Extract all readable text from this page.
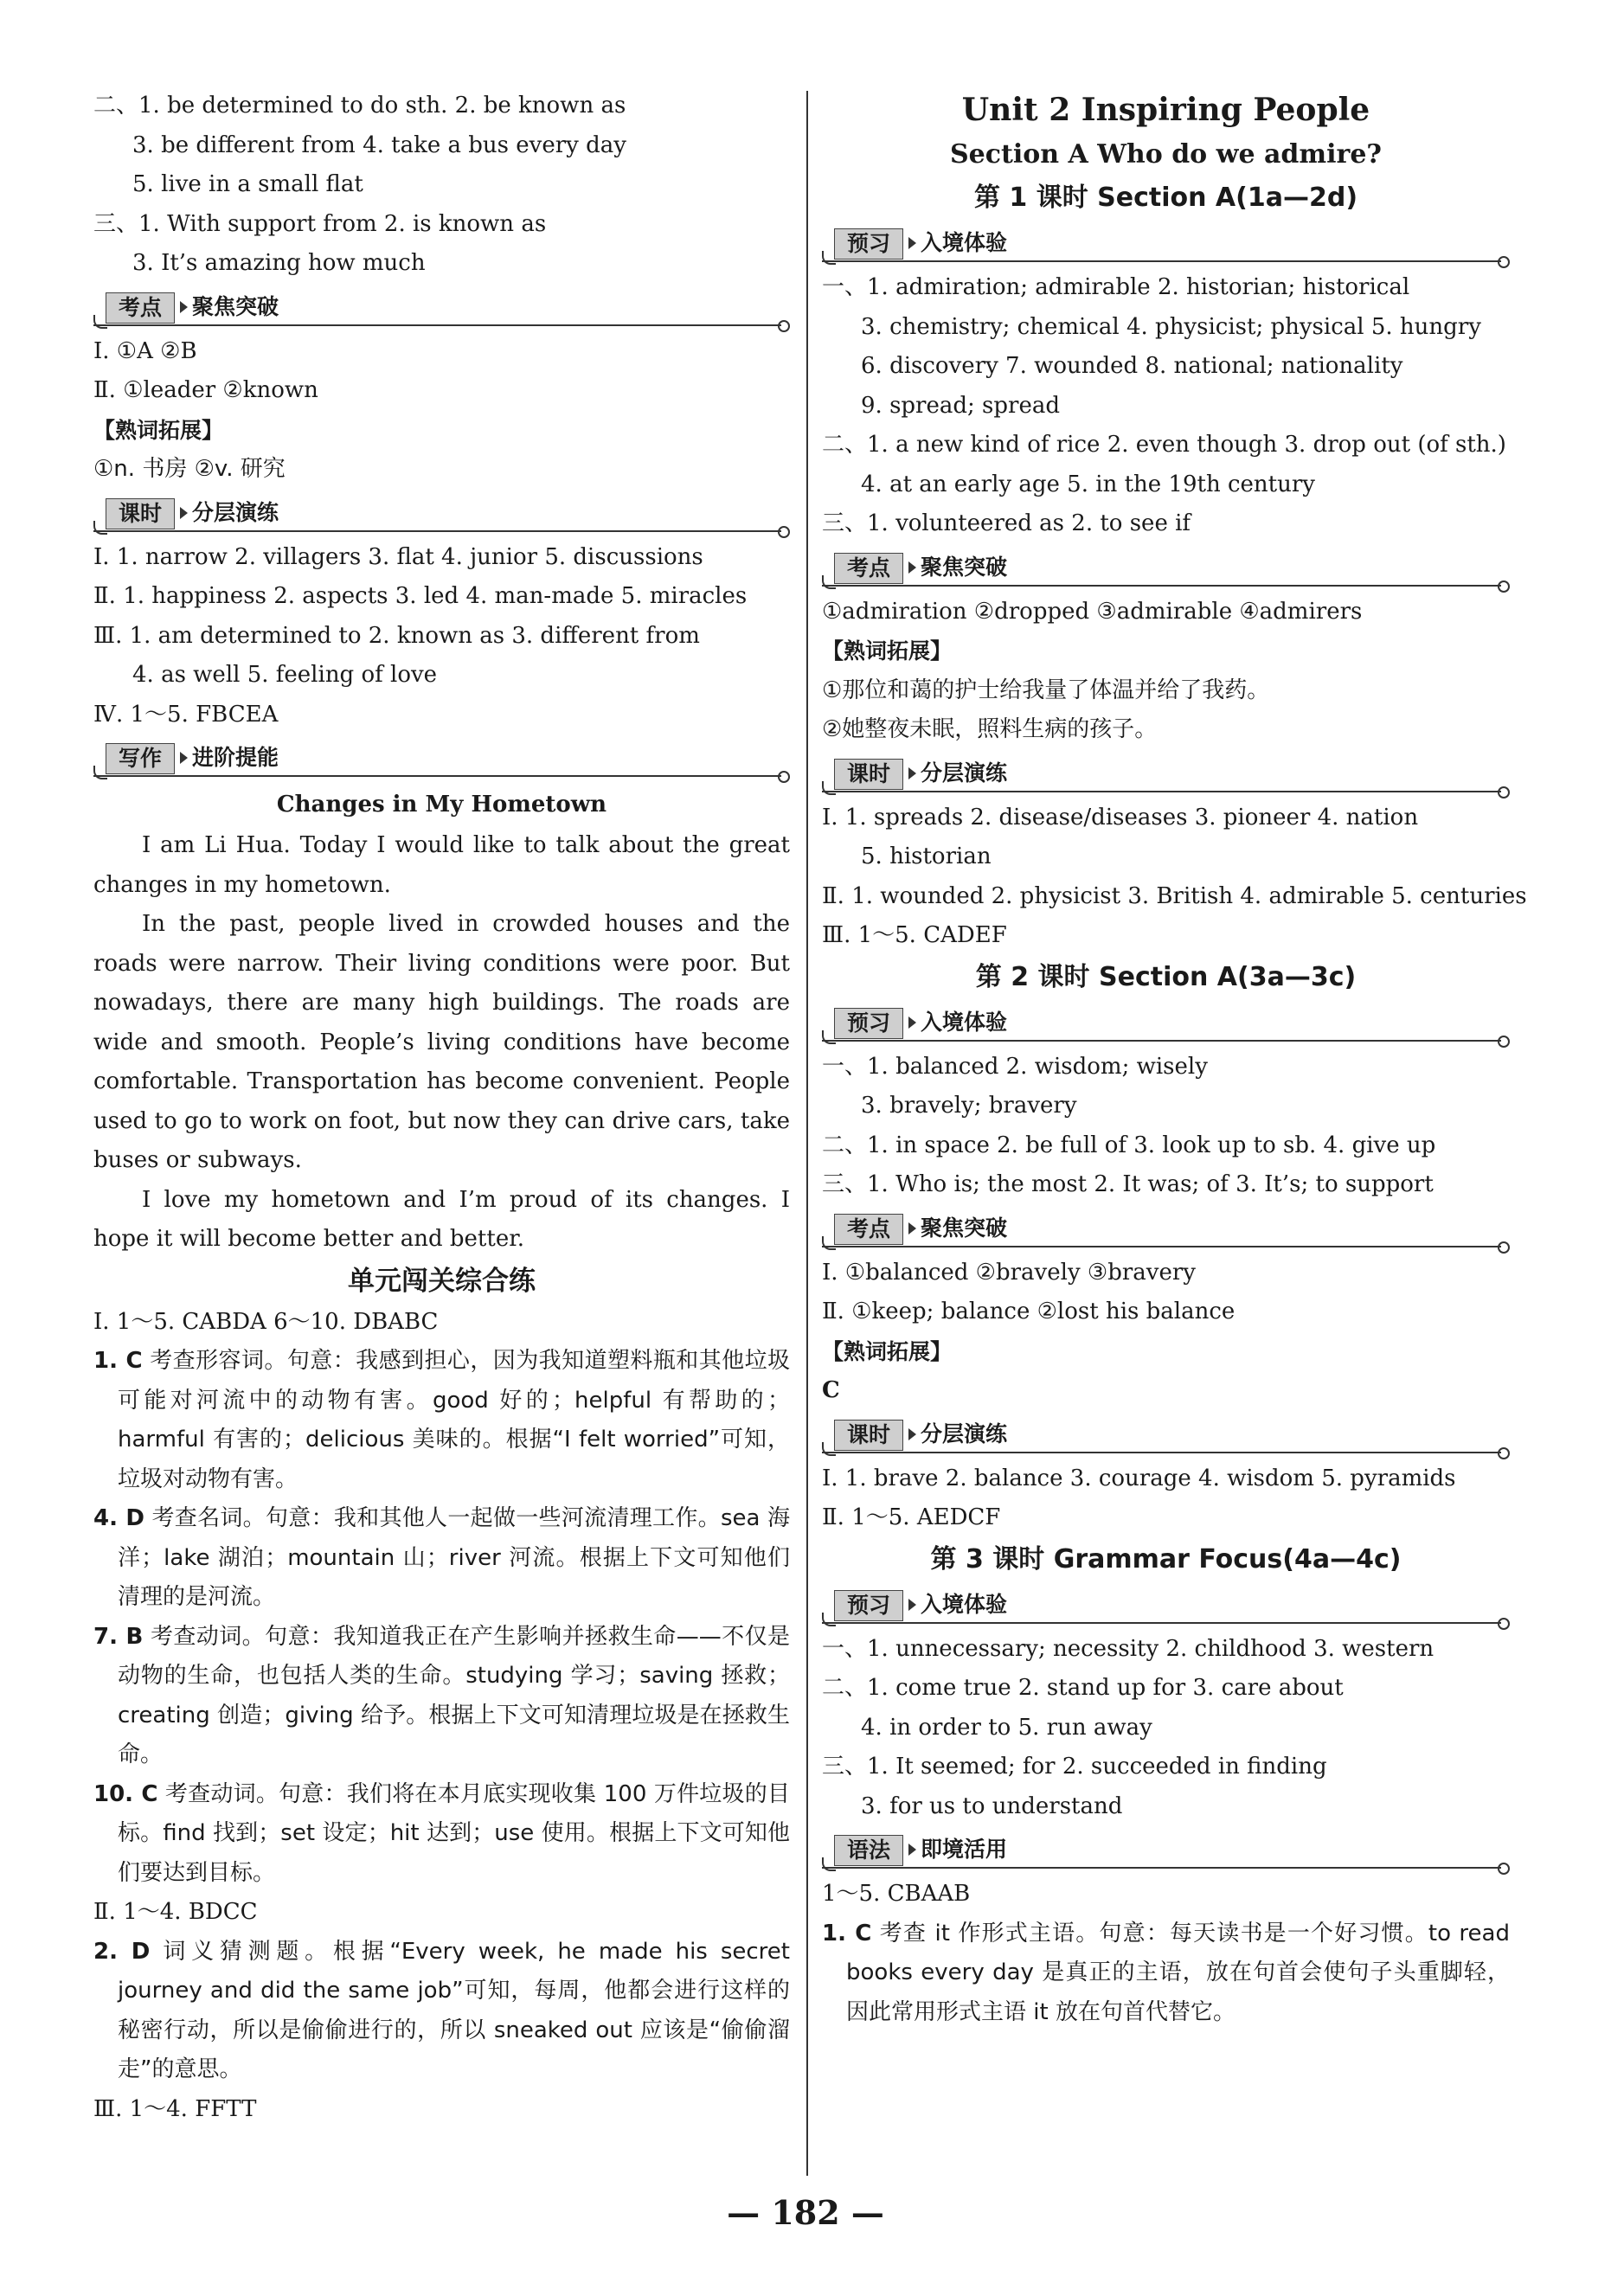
二、1. be determined to do sth. 2. be known as
3. be different from 4. take a bus every day
5. live in a small flat
三、1. With support from 2. is known as
3. It’s amazing how much
考点	聚焦突破
Ⅰ. ①A ②B
Ⅱ. ①leader ②known
【熟词拓展】
①n. 书房 ②v. 研究
课时	分层演练
Ⅰ. 1. narrow 2. villagers 3. flat 4. junior 5. discussions
Ⅱ. 1. happiness 2. aspects 3. led 4. man-made 5. miracles
Ⅲ. 1. am determined to 2. known as 3. different from
4. as well 5. feeling of love
Ⅳ. 1～5. FBCEA
写作	进阶提能
Changes in My Hometown
I am Li Hua. Today I would like to talk about the great changes in my hometown.
In the past, people lived in crowded houses and the roads were narrow. Their living conditions were poor. But nowadays, there are many high buildings. The roads are wide and smooth. People’s living conditions have become comfortable. Transportation has become convenient. People used to go to work on foot, but now they can drive cars, take buses or subways.
I love my hometown and I’m proud of its changes. I hope it will become better and better.
单元闯关综合练
Ⅰ. 1～5. CABDA 6～10. DBABC
1. C 考查形容词。句意：我感到担心，因为我知道塑料瓶和其他垃圾可能对河流中的动物有害。good 好的；helpful 有帮助的；harmful 有害的；delicious 美味的。根据“I felt worried”可知，垃圾对动物有害。
4. D 考查名词。句意：我和其他人一起做一些河流清理工作。sea 海洋；lake 湖泊；mountain 山；river 河流。根据上下文可知他们清理的是河流。
7. B 考查动词。句意：我知道我正在产生影响并拯救生命——不仅是动物的生命，也包括人类的生命。studying 学习；saving 拯救；creating 创造；giving 给予。根据上下文可知清理垃圾是在拯救生命。
10. C 考查动词。句意：我们将在本月底实现收集 100 万件垃圾的目标。find 找到；set 设定；hit 达到；use 使用。根据上下文可知他们要达到目标。
Ⅱ. 1～4. BDCC
2. D 词义猜测题。根据“Every week, he made his secret journey and did the same job”可知，每周，他都会进行这样的秘密行动，所以是偷偷进行的，所以 sneaked out 应该是“偷偷溜走”的意思。
Ⅲ. 1～4. FFTT
Unit 2 Inspiring People
Section A Who do we admire?
第 1 课时 Section A(1a—2d)
预习	入境体验
一、1. admiration; admirable 2. historian; historical
3. chemistry; chemical 4. physicist; physical 5. hungry
6. discovery 7. wounded 8. national; nationality
9. spread; spread
二、1. a new kind of rice 2. even though 3. drop out (of sth.)
4. at an early age 5. in the 19th century
三、1. volunteered as 2. to see if
考点	聚焦突破
①admiration ②dropped ③admirable ④admirers
【熟词拓展】
①那位和蔼的护士给我量了体温并给了我药。
②她整夜未眠，照料生病的孩子。
课时	分层演练
Ⅰ. 1. spreads 2. disease/diseases 3. pioneer 4. nation
5. historian
Ⅱ. 1. wounded 2. physicist 3. British 4. admirable 5. centuries
Ⅲ. 1～5. CADEF
第 2 课时 Section A(3a—3c)
预习	入境体验
一、1. balanced 2. wisdom; wisely
3. bravely; bravery
二、1. in space 2. be full of 3. look up to sb. 4. give up
三、1. Who is; the most 2. It was; of 3. It’s; to support
考点	聚焦突破
Ⅰ. ①balanced ②bravely ③bravery
Ⅱ. ①keep; balance ②lost his balance
【熟词拓展】
C
课时	分层演练
Ⅰ. 1. brave 2. balance 3. courage 4. wisdom 5. pyramids
Ⅱ. 1～5. AEDCF
第 3 课时 Grammar Focus(4a—4c)
预习	入境体验
一、1. unnecessary; necessity 2. childhood 3. western
二、1. come true 2. stand up for 3. care about
4. in order to 5. run away
三、1. It seemed; for 2. succeeded in finding
3. for us to understand
语法	即境活用
1～5. CBAAB
1. C 考查 it 作形式主语。句意：每天读书是一个好习惯。to read books every day 是真正的主语，放在句首会使句子头重脚轻，因此常用形式主语 it 放在句首代替它。
— 182 —
